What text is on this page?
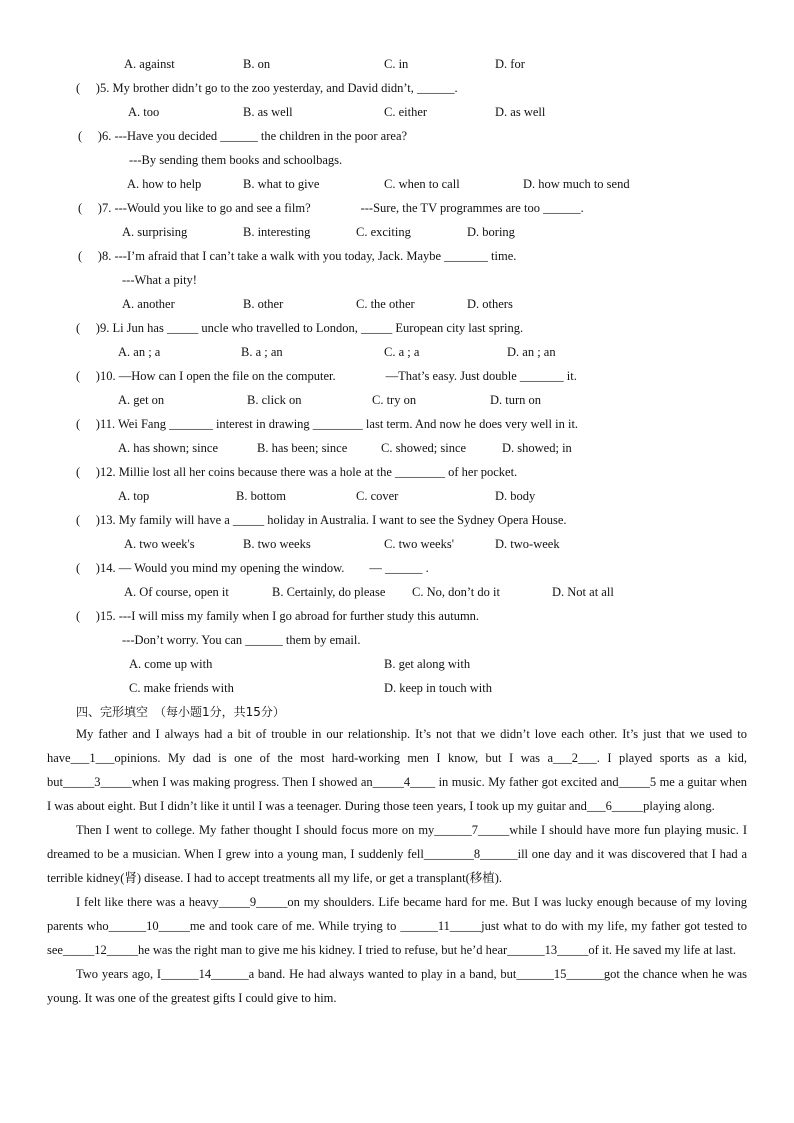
A. against	B. on	C. in	D. for
(　 )5. My brother didn’t go to the zoo yesterday, and David didn’t, ______.
A. too	B. as well	C. either	D. as well
(　 )6. ---Have you decided ______ the children in the poor area?
---By sending them books and schoolbags.
A. how to help	B. what to give	C. when to call	D. how much to send
(　 )7. ---Would you like to go and see a film?　　　　---Sure, the TV programmes are too ______.
A. surprising	B. interesting	C. exciting	D. boring
(　 )8. ---I’m afraid that I can’t take a walk with you today, Jack. Maybe _______ time.
---What a pity!
A. another	B. other	C. the other	D. others
(　 )9. Li Jun has _____ uncle who travelled to London, _____ European city last spring.
A. an ; a	B. a ; an	C. a ; a	D. an ; an
(　 )10. —How can I open the file on the computer.　　　　—That’s easy. Just double _______ it.
A. get on	B. click on	C. try on	D. turn on
(　 )11. Wei Fang _______ interest in drawing ________ last term. And now he does very well in it.
A. has shown; since	B. has been; since	C. showed; since	D. showed; in
(　 )12. Millie lost all her coins because there was a hole at the ________ of her pocket.
A. top	B. bottom	C. cover	D. body
(　 )13. My family will have a _____ holiday in Australia. I want to see the Sydney Opera House.
A. two week's	B. two weeks	C. two weeks'	D. two-week
(　 )14. — Would you mind my opening the window.　　— ______ .
A. Of course, open it	B. Certainly, do please C. No, don’t do it	D. Not at all
(　 )15. ---I will miss my family when I go abroad for further study this autumn.
---Don’t worry. You can ______ them by email.
A. come up with	B. get along with
C. make friends with	D. keep in touch with
四、完形填空　（每小题1分，共15分）

My father and I always had a bit of trouble in our relationship. It’s not that we didn’t love each other. It’s just that we used to have___1___opinions. My dad is one of the most hard-working men I know, but I was a___2___. I played sports as a kid, but_____3_____when I was making progress. Then I showed an_____4____ in music. My father got excited and_____5 me a guitar when I was about eight. But I didn’t like it until I was a teenager. During those teen years, I took up my guitar and___6_____playing along.

Then I went to college. My father thought I should focus more on my______7_____while I should have more fun playing music. I dreamed to be a musician. When I grew into a young man, I suddenly fell________8______ill one day and it was discovered that I had a terrible kidney(肾) disease. I had to accept treatments all my life, or get a transplant(移植).

I felt like there was a heavy_____9_____on my shoulders. Life became hard for me. But I was lucky enough because of my loving parents who______10_____me and took care of me. While trying to ______11_____just what to do with my life, my father got tested to see_____12_____he was the right man to give me his kidney. I tried to refuse, but he’d hear______13_____of it. He saved my life at last.

Two years ago, I______14______a band. He had always wanted to play in a band, but______15______got the chance when he was young. It was one of the greatest gifts I could give to him.
